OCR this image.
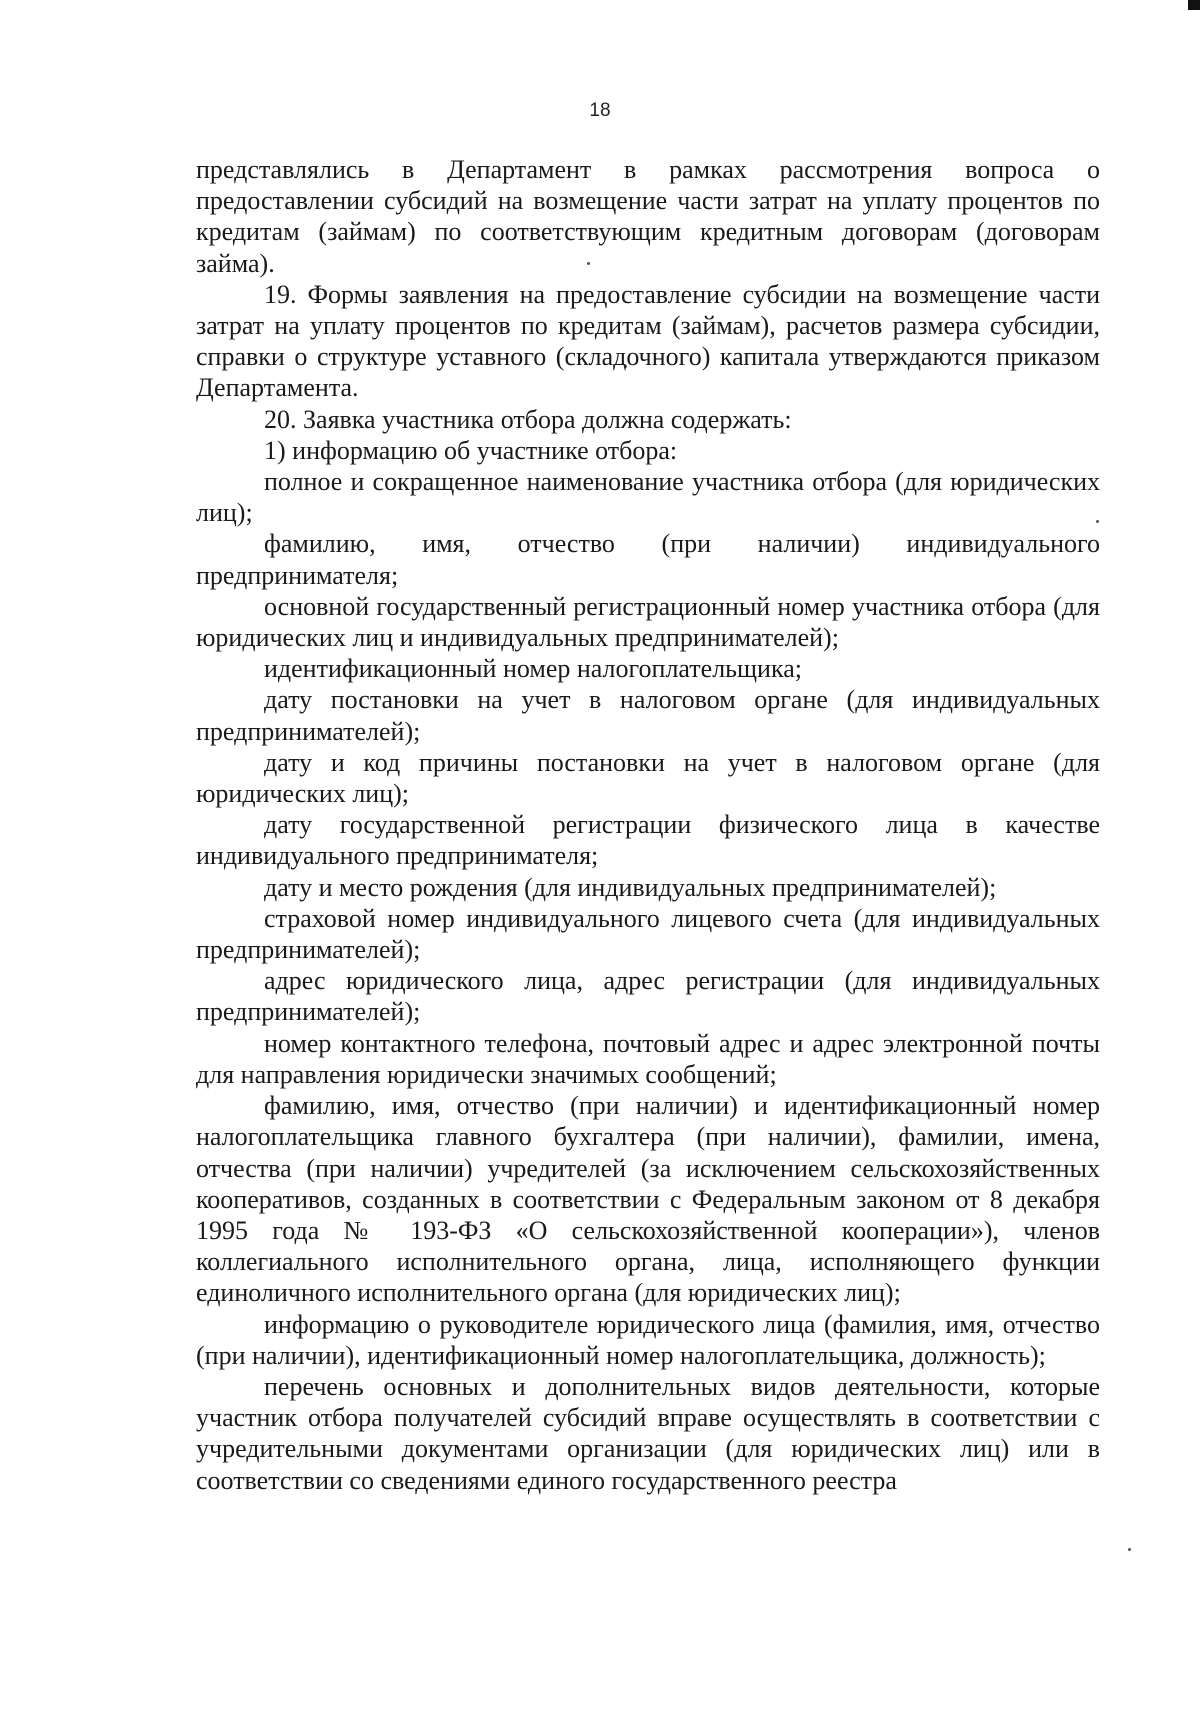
18

представлялись в Департамент в рамках рассмотрения вопроса о предоставлении субсидий на возмещение части затрат на уплату процентов по кредитам (займам) по соответствующим кредитным договорам (договорам займа).

19. Формы заявления на предоставление субсидии на возмещение части затрат на уплату процентов по кредитам (займам), расчетов размера субсидии, справки о структуре уставного (складочного) капитала утверждаются приказом Департамента.

20. Заявка участника отбора должна содержать:

1) информацию об участнике отбора:

полное и сокращенное наименование участника отбора (для юридических лиц);

фамилию, имя, отчество (при наличии) индивидуального предпринимателя;

основной государственный регистрационный номер участника отбора (для юридических лиц и индивидуальных предпринимателей);

идентификационный номер налогоплательщика;

дату постановки на учет в налоговом органе (для индивидуальных предпринимателей);

дату и код причины постановки на учет в налоговом органе (для юридических лиц);

дату государственной регистрации физического лица в качестве индивидуального предпринимателя;

дату и место рождения (для индивидуальных предпринимателей);

страховой номер индивидуального лицевого счета (для индивидуальных предпринимателей);

адрес юридического лица, адрес регистрации (для индивидуальных предпринимателей);

номер контактного телефона, почтовый адрес и адрес электронной почты для направления юридически значимых сообщений;

фамилию, имя, отчество (при наличии) и идентификационный номер налогоплательщика главного бухгалтера (при наличии), фамилии, имена, отчества (при наличии) учредителей (за исключением сельскохозяйственных кооперативов, созданных в соответствии с Федеральным законом от 8 декабря 1995 года № 193-ФЗ «О сельскохозяйственной кооперации»), членов коллегиального исполнительного органа, лица, исполняющего функции единоличного исполнительного органа (для юридических лиц);

информацию о руководителе юридического лица (фамилия, имя, отчество (при наличии), идентификационный номер налогоплательщика, должность);

перечень основных и дополнительных видов деятельности, которые участник отбора получателей субсидий вправе осуществлять в соответствии с учредительными документами организации (для юридических лиц) или в соответствии со сведениями единого государственного реестра
